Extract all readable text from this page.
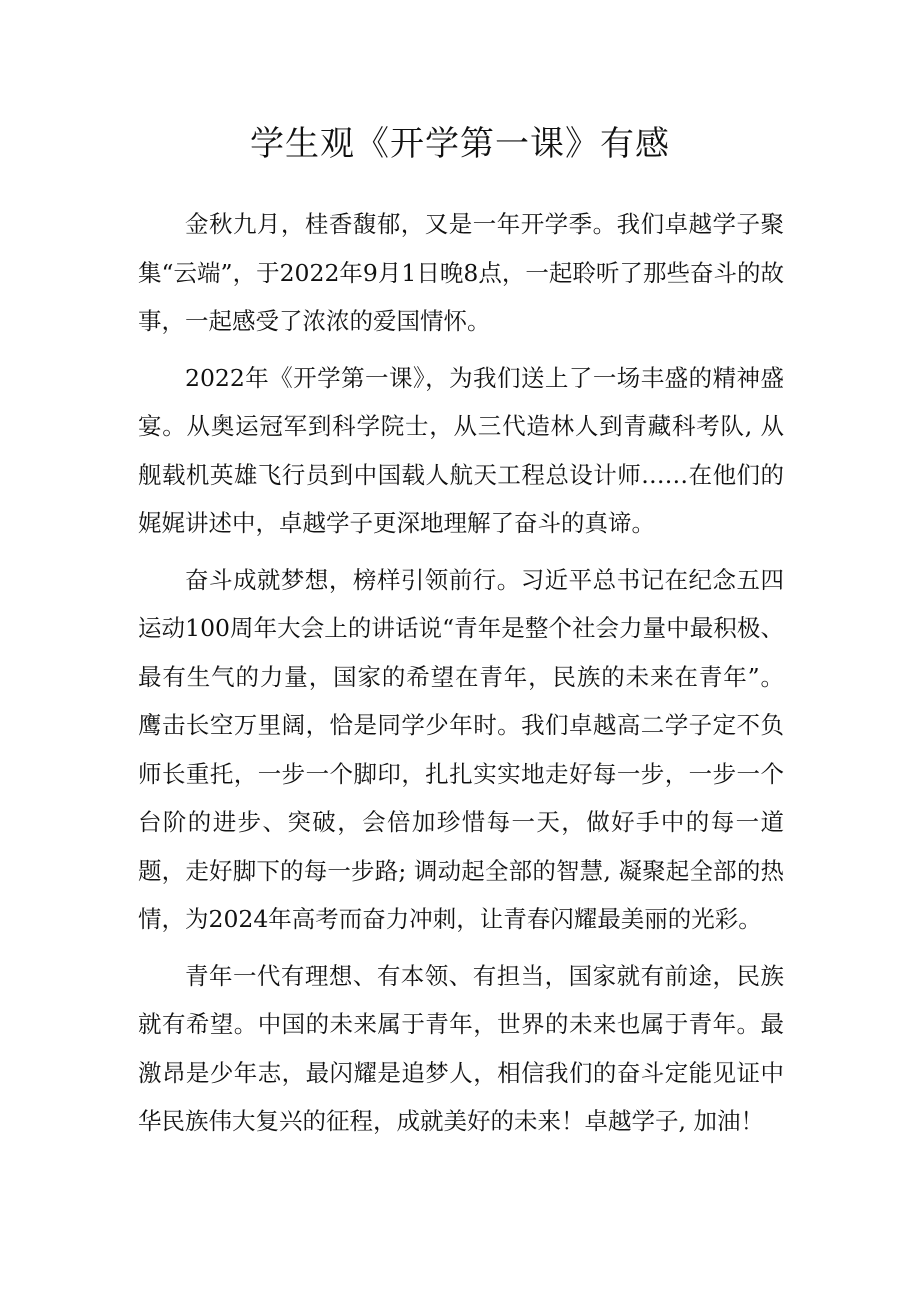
学生观《开学第一课》有感

金秋九月，桂香馥郁，又是一年开学季。我们卓越学子聚集“云端”，于2022年9月1日晚8点，一起聆听了那些奋斗的故事，一起感受了浓浓的爱国情怀。

2022年《开学第一课》，为我们送上了一场丰盛的精神盛宴。从奥运冠军到科学院士，从三代造林人到青藏科考队, 从舰载机英雄飞行员到中国载人航天工程总设计师……在他们的娓娓讲述中，卓越学子更深地理解了奋斗的真谛。

奋斗成就梦想，榜样引领前行。习近平总书记在纪念五四运动100周年大会上的讲话说“青年是整个社会力量中最积极、最有生气的力量，国家的希望在青年，民族的未来在青年”。鹰击长空万里阔，恰是同学少年时。我们卓越高二学子定不负师长重托，一步一个脚印，扎扎实实地走好每一步，一步一个台阶的进步、突破，会倍加珍惜每一天，做好手中的每一道题，走好脚下的每一步路; 调动起全部的智慧, 凝聚起全部的热情，为2024年高考而奋力冲刺，让青春闪耀最美丽的光彩。

青年一代有理想、有本领、有担当，国家就有前途，民族就有希望。中国的未来属于青年，世界的未来也属于青年。最激昂是少年志，最闪耀是追梦人，相信我们的奋斗定能见证中华民族伟大复兴的征程，成就美好的未来！卓越学子, 加油！
